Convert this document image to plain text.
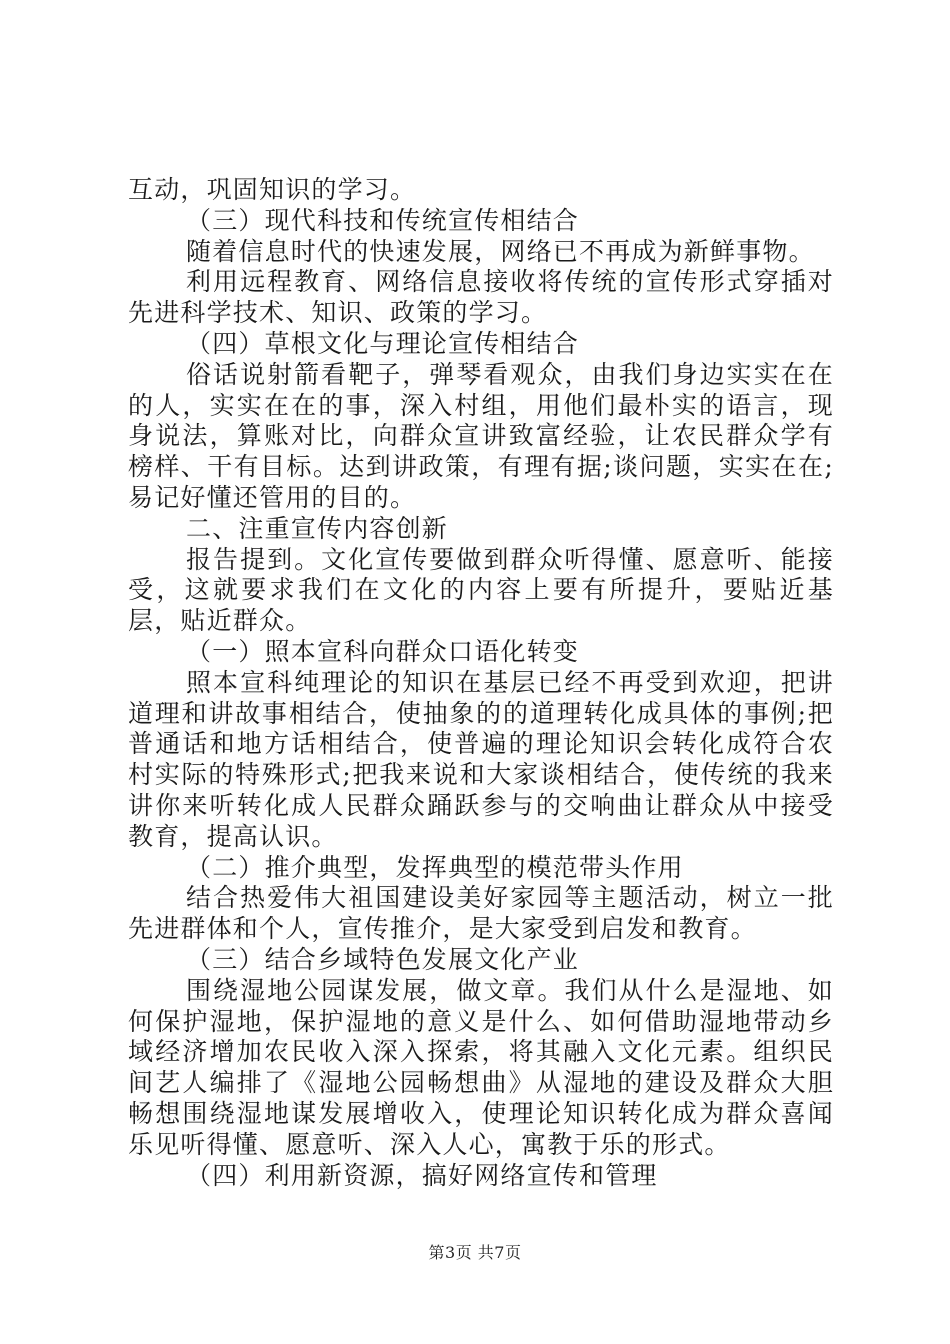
互动，巩固知识的学习。

（三）现代科技和传统宣传相结合

随着信息时代的快速发展，网络已不再成为新鲜事物。

利用远程教育、网络信息接收将传统的宣传形式穿插对先进科学技术、知识、政策的学习。

（四）草根文化与理论宣传相结合

俗话说射箭看靶子，弹琴看观众，由我们身边实实在在的人，实实在在的事，深入村组，用他们最朴实的语言，现身说法，算账对比，向群众宣讲致富经验，让农民群众学有榜样、干有目标。达到讲政策，有理有据;谈问题，实实在在;易记好懂还管用的目的。

二、注重宣传内容创新

报告提到。文化宣传要做到群众听得懂、愿意听、能接受，这就要求我们在文化的内容上要有所提升，要贴近基层，贴近群众。

（一）照本宣科向群众口语化转变

照本宣科纯理论的知识在基层已经不再受到欢迎，把讲道理和讲故事相结合，使抽象的的道理转化成具体的事例;把普通话和地方话相结合，使普遍的理论知识会转化成符合农村实际的特殊形式;把我来说和大家谈相结合，使传统的我来讲你来听转化成人民群众踊跃参与的交响曲让群众从中接受教育，提高认识。

（二）推介典型，发挥典型的模范带头作用

结合热爱伟大祖国建设美好家园等主题活动，树立一批先进群体和个人，宣传推介，是大家受到启发和教育。

（三）结合乡域特色发展文化产业

围绕湿地公园谋发展，做文章。我们从什么是湿地、如何保护湿地，保护湿地的意义是什么、如何借助湿地带动乡域经济增加农民收入深入探索，将其融入文化元素。组织民间艺人编排了《湿地公园畅想曲》从湿地的建设及群众大胆畅想围绕湿地谋发展增收入，使理论知识转化成为群众喜闻乐见听得懂、愿意听、深入人心，寓教于乐的形式。

（四）利用新资源，搞好网络宣传和管理

第3页 共7页
